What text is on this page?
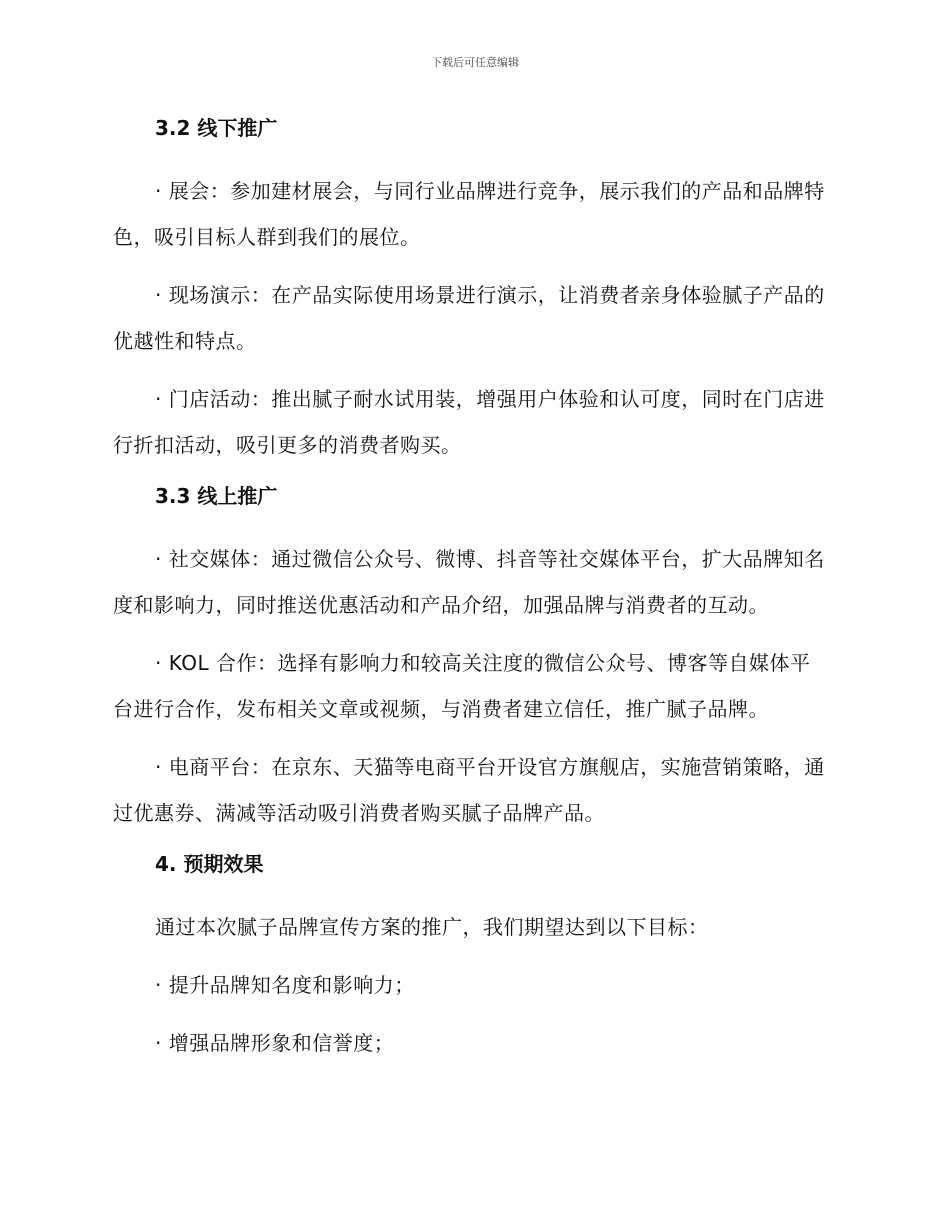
下载后可任意编辑
3.2 线下推广

· 展会：参加建材展会，与同行业品牌进行竞争，展示我们的产品和品牌特色，吸引目标人群到我们的展位。

· 现场演示：在产品实际使用场景进行演示，让消费者亲身体验腻子产品的优越性和特点。

· 门店活动：推出腻子耐水试用装，增强用户体验和认可度，同时在门店进行折扣活动，吸引更多的消费者购买。

3.3 线上推广

· 社交媒体：通过微信公众号、微博、抖音等社交媒体平台，扩大品牌知名度和影响力，同时推送优惠活动和产品介绍，加强品牌与消费者的互动。

· KOL 合作：选择有影响力和较高关注度的微信公众号、博客等自媒体平台进行合作，发布相关文章或视频，与消费者建立信任，推广腻子品牌。

· 电商平台：在京东、天猫等电商平台开设官方旗舰店，实施营销策略，通过优惠券、满减等活动吸引消费者购买腻子品牌产品。

4. 预期效果

通过本次腻子品牌宣传方案的推广，我们期望达到以下目标：

· 提升品牌知名度和影响力；

· 增强品牌形象和信誉度；
